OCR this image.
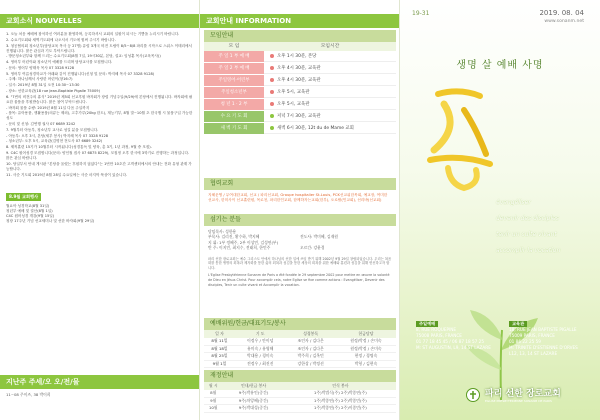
교회소식 NOUVELLES
1. 오늘 처음 예배에 참석하신 여러분을 환영하며, 등록하셔서 교회의 일원이 되시는 기쁨을 누리시기 바랍니다.
2. 수요기도회와 새벽기도회에 나오셔서 기도에 힘써 주시기 바랍니다.
3. 청공협의회 청소년부(담당교육 목사 등 27명) 유럽 3개국 비전 트립이 8/5~8/8 파리를 시작으로 스위스 이태리에서 진행됩니다. 많은 관심과 기도 부탁드립니다.
- 방문청소년부와 함께 드리는 수요기도회(8월 7일, 19시30분, 본당, 설교: 임성훈 목사(교육목사))
4. 영어부 어린이와 청소년이 예배를 드리며 담당교사를 모집합니다.
- 문의: 영어부 양태욱 목사 07 3328 9128
5. 영어부 여름성경학교가 아래와 같이 진행됩니다(신청 및 문의: 박지혜 목사 07 3328 9128)
- 주제: 하나님께서 사랑한 어린이(창16:7)
- 일시: 2019년 8월 31일 오전 10:30~13:30
- 장소: 선한교육관(18 rue Jean-Baptiste Pigalle 75009)
6. "7번의 비전주의 휴식" 2019년 제5회 선교후원 바자회가 장럽 기념주일(9/29)에 본당에서 진행됩니다. 바자회에 필요한 물품을 후원받습니다. 많은 참여 부탁드립니다.
- 바자회 물품 수량: 2019년 8월 11일 다음 주일까지
- 품목: 유아용품, 생활용품(의류는 제외), 고추가루(20kg 한도), 재능기부, 8월 말~10월 초 한국행 시 물품구입 가능한 성도
- 문의 및 신청: 김연행 권사 07 6689 3242
7. 9월부터 아동부, 청소년부 교사로 섬길 분을 모집합니다.
- 아동부: 오후 3시, 본당(세부 봉사) 박지혜 목사 07 3328 9128
- 청소년부: 오후 5시, 교육관(김명현 전도사 07 6689 3242)
8. 제직훈련 15기가 10월부터 시작됩니다(성경통독 및 양육, 총 3기, 1년 과정, 9월 중 모집).
9. C4C 원어성경 모집합니다(문의: 양인철 집사 07 6875 8229), 모집정 오후 한시에 3학기로 진행하는 과정입니다. 많은 관심 바랍니다.
10. 당일부서 안내 게시판 "본당을 올렸는 후원하지 않았다"는 1번만 10초간 고객센터에서의 안내는 전화 유형 관계 가능합니다.
11. 사순 기도회 2019년 8월 28일 수요일에는 사순 마지막 묵상이 있습니다.
8.9월 교회행사
월요아 성경학교(8월 31일)
청년부 예배 및 결산(8월 1일)
C4C 원어성경 개강(9월 15일)
청장 17주년 기념 선교세미나 및 선한 바자회(9월 29일)
지난주 주세/오 오/전/물
11~08 주이즈, 38 박이희
교회안내 INFORMATION
모임안내
모 임	모임시간
주 일 1 부 예 배	오후 1시 30분, 본당
주 일 2 부 예 배	오후 4시 30분, 교육관
주일영어·어린부	오후 4시 30분, 교육관
주일청소년부	오후 5시, 교육관
청 년 1 · 2 부	오후 5시, 교육관
수 요 기 도 회	저녁 7시 30분, 교육관
새 벽 기 도 회	새벽 6시 30분, 12t du de Mame 교회
협력교회
지혜운영 / 무여대한교회, 선교 / 파리선교회, Groupe hospitalier St-Louis, PCK선교위한목회, 예교장, 여미한 선교사, 한미사이 선교훈련원, 목로천, 파리한인교회, 함께하자는교회(한부), 오로팔(인교회), 선리바(선교회)
섬기는 분들
담임목사: 성한용
부목사: 김리진, 황수하, 박지혜	전도사: 박미혜, 김재원
지 휘: 1부 정혜주, 2부 이상민, 김성연(부)
반 주: 이지민, 최지수, 전태희, 한민주	오르간: 강윤경
파리 선한 장로교회는 예수 그리스도 안에서 하나님의 선한 일에 쓰임 받기 위해 2002년 9월 29일 창립되었습니다. 우리는 복음화를 통한 생명의 회복과 제자화를 통한 삶의 회복과 섬김을 통한 세상의 회복을 위한 예배와 훈련과 섬김을 위해 헌신하고자 합니다.
L'Eglise Presbytérienne Sonanm de Paris a été fondée le 29 septembre 2002 pour mettre en œuvre la volonté de Dieu en Jésus Christ. Pour accomplir cela, notre Eglise se fixe comme actions : Evangéliser, Devenir des disciples, Tenir un culte vivant et Accomplir la vocation.
예배위원/헌금/대표기도/봉사
일 자	기 도	성경봉독	헌금담당
8월 11일	이정우 / 안이녕	조인자 / 김다은	원정/박정 / 손미숙
8월 18일	유미숙 / 유영해	조인자 / 김다은	원정/박정 / 손미숙
8월 25일	박대용 / 경미숙	박주희 / 김옥민	현정 / 경명숙
9월 1일	전정우 / 최진진	강한상 / 박정선	박형 / 김현숙
재정안내
월 시	인내/헌금 봉사	인식 봉사
8월	9주)박유인(중간)	1주)박법식(주) 2주)박종연(주)
9월	9주)차앙혜(중간)	1주)박종연(주) 2주)박종민(주)
10월	9주)박대성(중간)	1주)박종연(주) 2주)이종민(주)
19-31	2019. 08. 04
www.sonanm.net
생명 살 예배 사명
évangéliser
devenir des disciples
tenir un culte vivant
accomplir la vocation
주일예배
8, RUE ROQUEPINE
75008 PARIS, FRANCE
01 77 18 45 45 / 06 87 18 57 25
M: ST AUGUSTIN, L9, 14 ST LAZARE
교육관
18, RUE JEAN BAPTISTE PIGALLE
75009 PARIS, FRANCE
01 86 22 25 59
M: TRINITE D'ESTIENNE D'ORVES
L12, 13, 14 ST LAZARE
파리 선한 장로교회
EGLISE PRESBYTERIENNE SONANM DE PARIS
